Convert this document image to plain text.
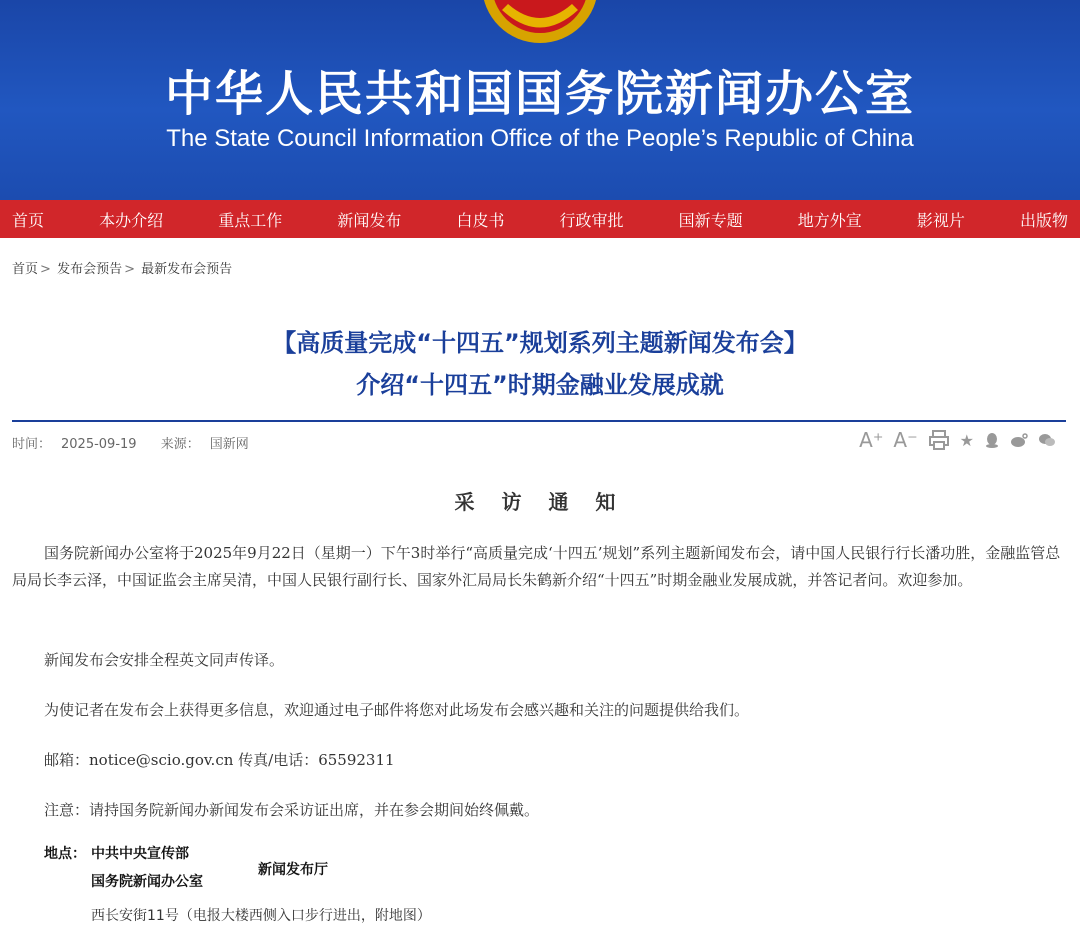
中华人民共和国国务院新闻办公室
The State Council Information Office of the People’s Republic of China
首页	本办介绍	重点工作	新闻发布	白皮书	行政审批	国新专题	地方外宣	影视片	出版物
首页 > 发布会预告 > 最新发布会预告
【高质量完成“十四五”规划系列主题新闻发布会】
介绍“十四五”时期金融业发展成就
时间： 2025-09-19 来源： 国新网	A⁺ A⁻	★
采 访 通 知

国务院新闻办公室将于2025年9月22日（星期一）下午3时举行“高质量完成‘十四五’规划”系列主题新闻发布会，请中国人民银行行长潘功胜，金融监管总局局长李云泽，中国证监会主席吴清，中国人民银行副行长、国家外汇局局长朱鹤新介绍“十四五”时期金融业发展成就，并答记者问。欢迎参加。

新闻发布会安排全程英文同声传译。
为使记者在发布会上获得更多信息，欢迎通过电子邮件将您对此场发布会感兴趣和关注的问题提供给我们。
邮箱：notice@scio.gov.cn 传真/电话：65592311
注意：请持国务院新闻办新闻发布会采访证出席，并在参会期间始终佩戴。
地点： 中共中央宣传部
国务院新闻办公室
新闻发布厅
西长安街11号（电报大楼西侧入口步行进出，附地图）
